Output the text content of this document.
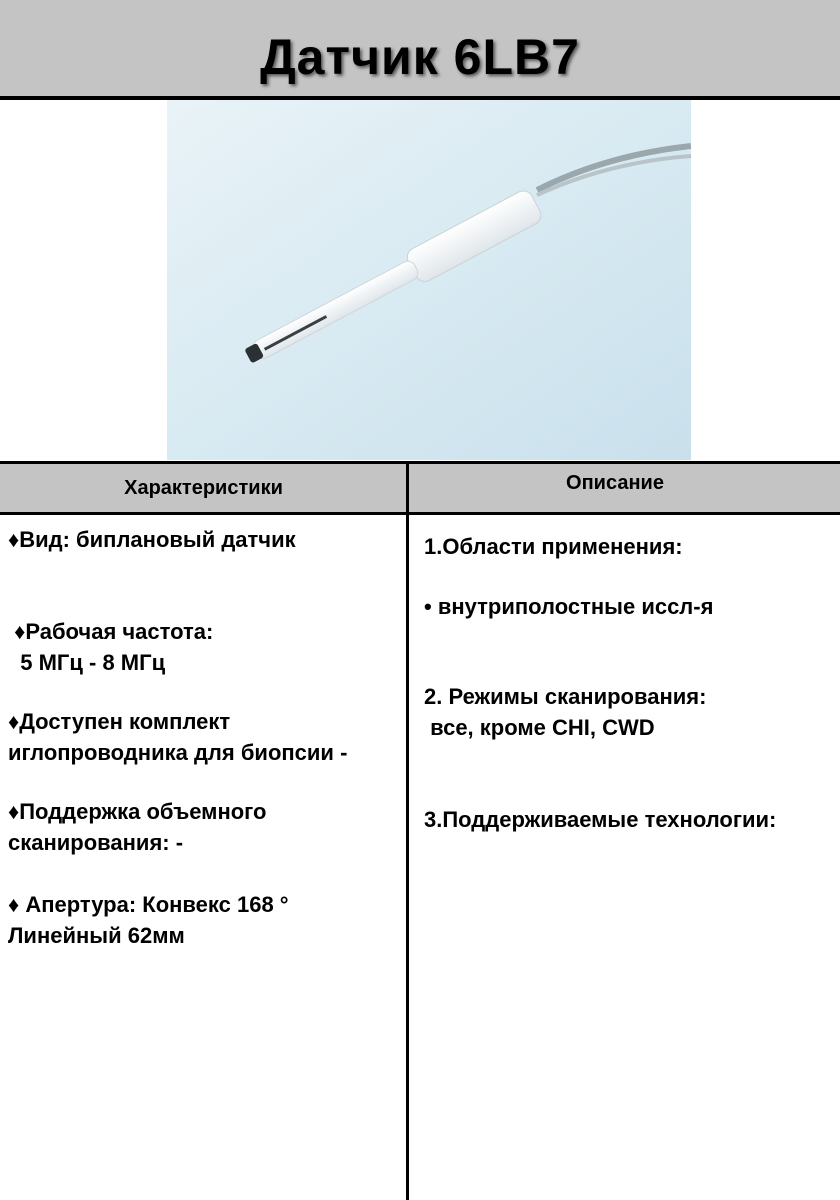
Датчик 6LB7
Характеристики	Описание
♦Вид: биплановый датчик
♦Рабочая частота:
5 МГц - 8 МГц
♦Доступен комплект
иглопроводника для биопсии -
♦Поддержка объемного
сканирования: -
♦ Апертура: Конвекс 168 °
Линейный 62мм
1.Области применения:
• внутриполостные иссл-я
2. Режимы сканирования:
все, кроме CHI, CWD
3.Поддерживаемые технологии:
